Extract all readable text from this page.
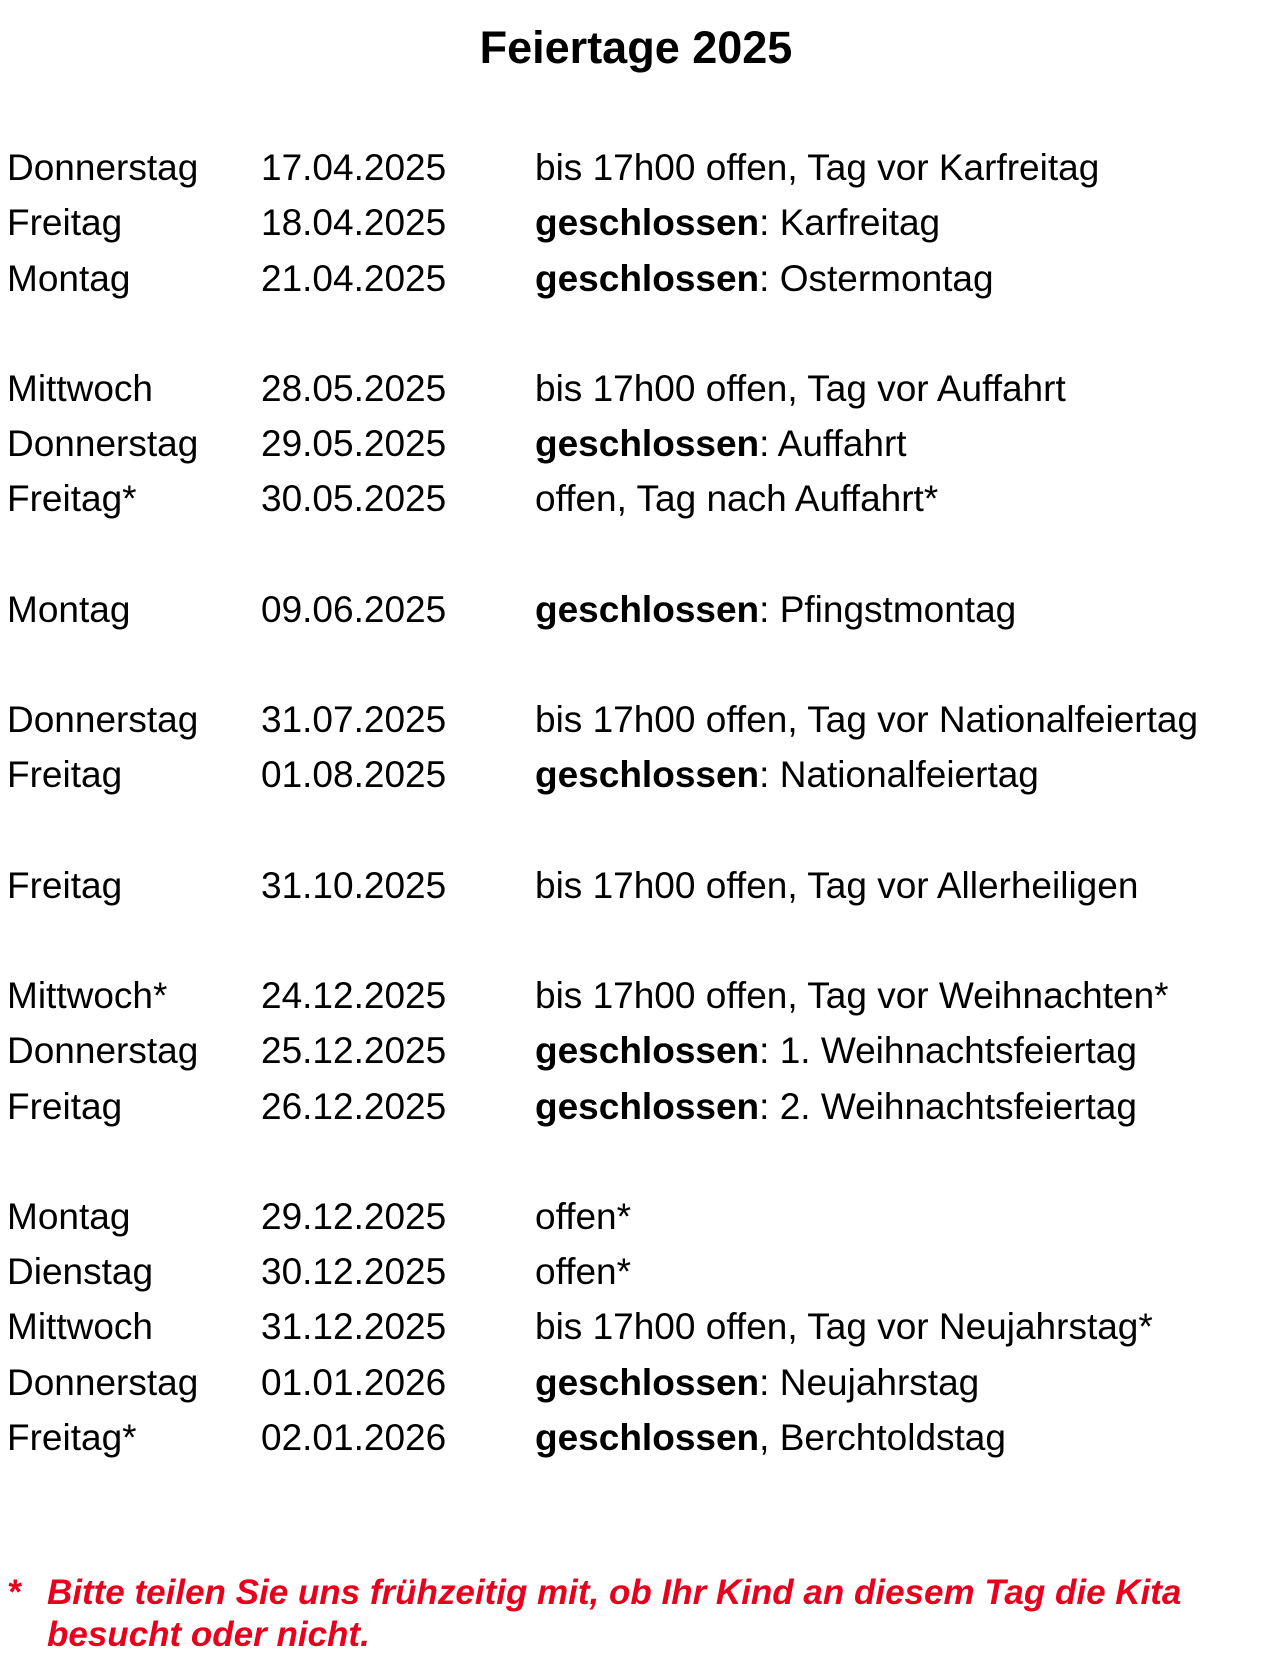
Feiertage 2025
Donnerstag	17.04.2025	bis 17h00 offen, Tag vor Karfreitag
Freitag	18.04.2025	geschlossen: Karfreitag
Montag	21.04.2025	geschlossen: Ostermontag
Mittwoch	28.05.2025	bis 17h00 offen, Tag vor Auffahrt
Donnerstag	29.05.2025	geschlossen: Auffahrt
Freitag*	30.05.2025	offen, Tag nach Auffahrt*
Montag	09.06.2025	geschlossen: Pfingstmontag
Donnerstag	31.07.2025	bis 17h00 offen, Tag vor Nationalfeiertag
Freitag	01.08.2025	geschlossen: Nationalfeiertag
Freitag	31.10.2025	bis 17h00 offen, Tag vor Allerheiligen
Mittwoch*	24.12.2025	bis 17h00 offen, Tag vor Weihnachten*
Donnerstag	25.12.2025	geschlossen: 1. Weihnachtsfeiertag
Freitag	26.12.2025	geschlossen: 2. Weihnachtsfeiertag
Montag	29.12.2025	offen*
Dienstag	30.12.2025	offen*
Mittwoch	31.12.2025	bis 17h00 offen, Tag vor Neujahrstag*
Donnerstag	01.01.2026	geschlossen: Neujahrstag
Freitag*	02.01.2026	geschlossen, Berchtoldstag
* Bitte teilen Sie uns frühzeitig mit, ob Ihr Kind an diesem Tag die Kita besucht oder nicht.
